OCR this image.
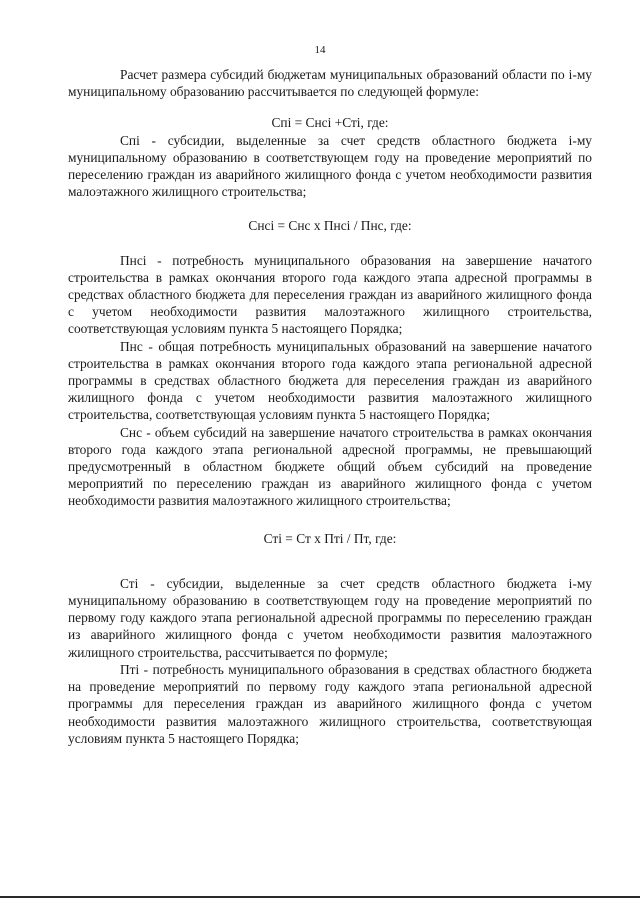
14

Расчет размера субсидий бюджетам муниципальных образований области по i-му муниципальному образованию рассчитывается по следующей формуле:

Спi = Снсi +Стi, где:

Спi - субсидии, выделенные за счет средств областного бюджета i-му муниципальному образованию в соответствующем году на проведение мероприятий по переселению граждан из аварийного жилищного фонда с учетом необходимости развития малоэтажного жилищного строительства;

Снсi = Снс х Пнсi / Пнс, где:

Пнсi - потребность муниципального образования на завершение начатого строительства в рамках окончания второго года каждого этапа адресной программы в средствах областного бюджета для переселения граждан из аварийного жилищного фонда с учетом необходимости развития малоэтажного жилищного строительства, соответствующая условиям пункта 5 настоящего Порядка;

Пнс - общая потребность муниципальных образований на завершение начатого строительства в рамках окончания второго года каждого этапа региональной адресной программы в средствах областного бюджета для переселения граждан из аварийного жилищного фонда с учетом необходимости развития малоэтажного жилищного строительства, соответствующая условиям пункта 5 настоящего Порядка;

Снс - объем субсидий на завершение начатого строительства в рамках окончания второго года каждого этапа региональной адресной программы, не превышающий предусмотренный в областном бюджете общий объем субсидий на проведение мероприятий по переселению граждан из аварийного жилищного фонда с учетом необходимости развития малоэтажного жилищного строительства;

Стi = Ст х Птi / Пт, где:

Стi - субсидии, выделенные за счет средств областного бюджета i-му муниципальному образованию в соответствующем году на проведение мероприятий по первому году каждого этапа региональной адресной программы по переселению граждан из аварийного жилищного фонда с учетом необходимости развития малоэтажного жилищного строительства, рассчитывается по формуле;

Птi - потребность муниципального образования в средствах областного бюджета на проведение мероприятий по первому году каждого этапа региональной адресной программы для переселения граждан из аварийного жилищного фонда с учетом необходимости развития малоэтажного жилищного строительства, соответствующая условиям пункта 5 настоящего Порядка;
